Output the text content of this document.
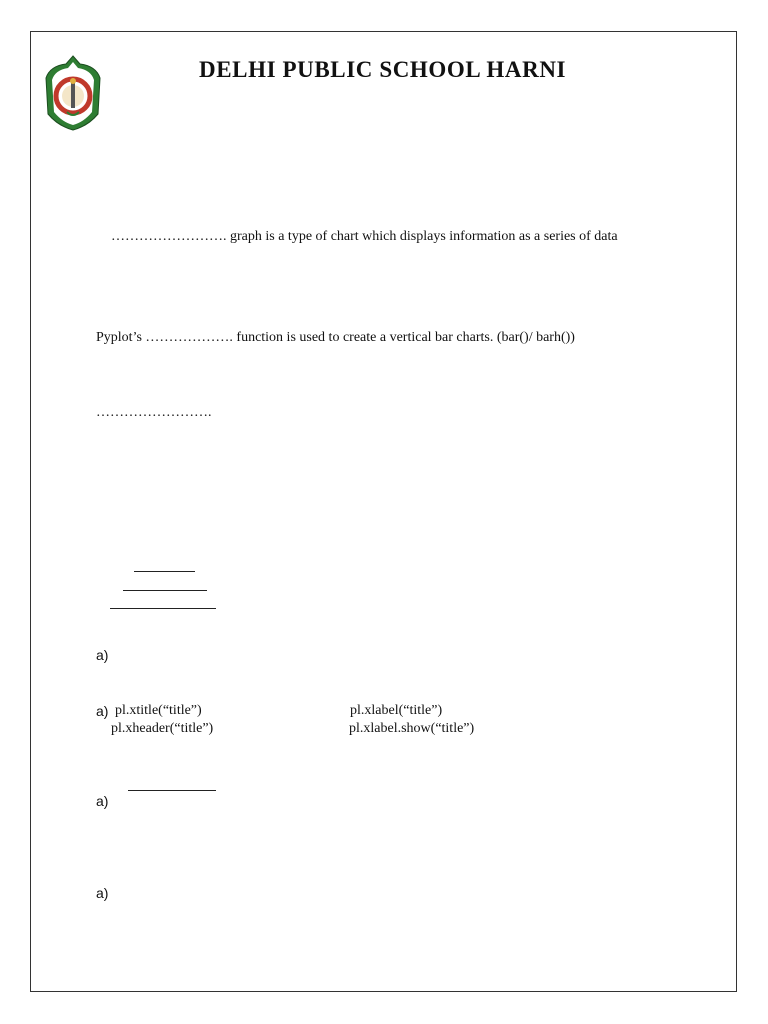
DELHI PUBLIC SCHOOL HARNI
……………………. graph is a type of chart which displays information as a series of data
Pyplot’s ………………. function is used to create a vertical bar charts. (bar()/ barh())
…………………….
a)
a) pl.xtitle(“title”)	pl.xlabel(“title”)
pl.xheader(“title”)	pl.xlabel.show(“title”)
a)
a)
